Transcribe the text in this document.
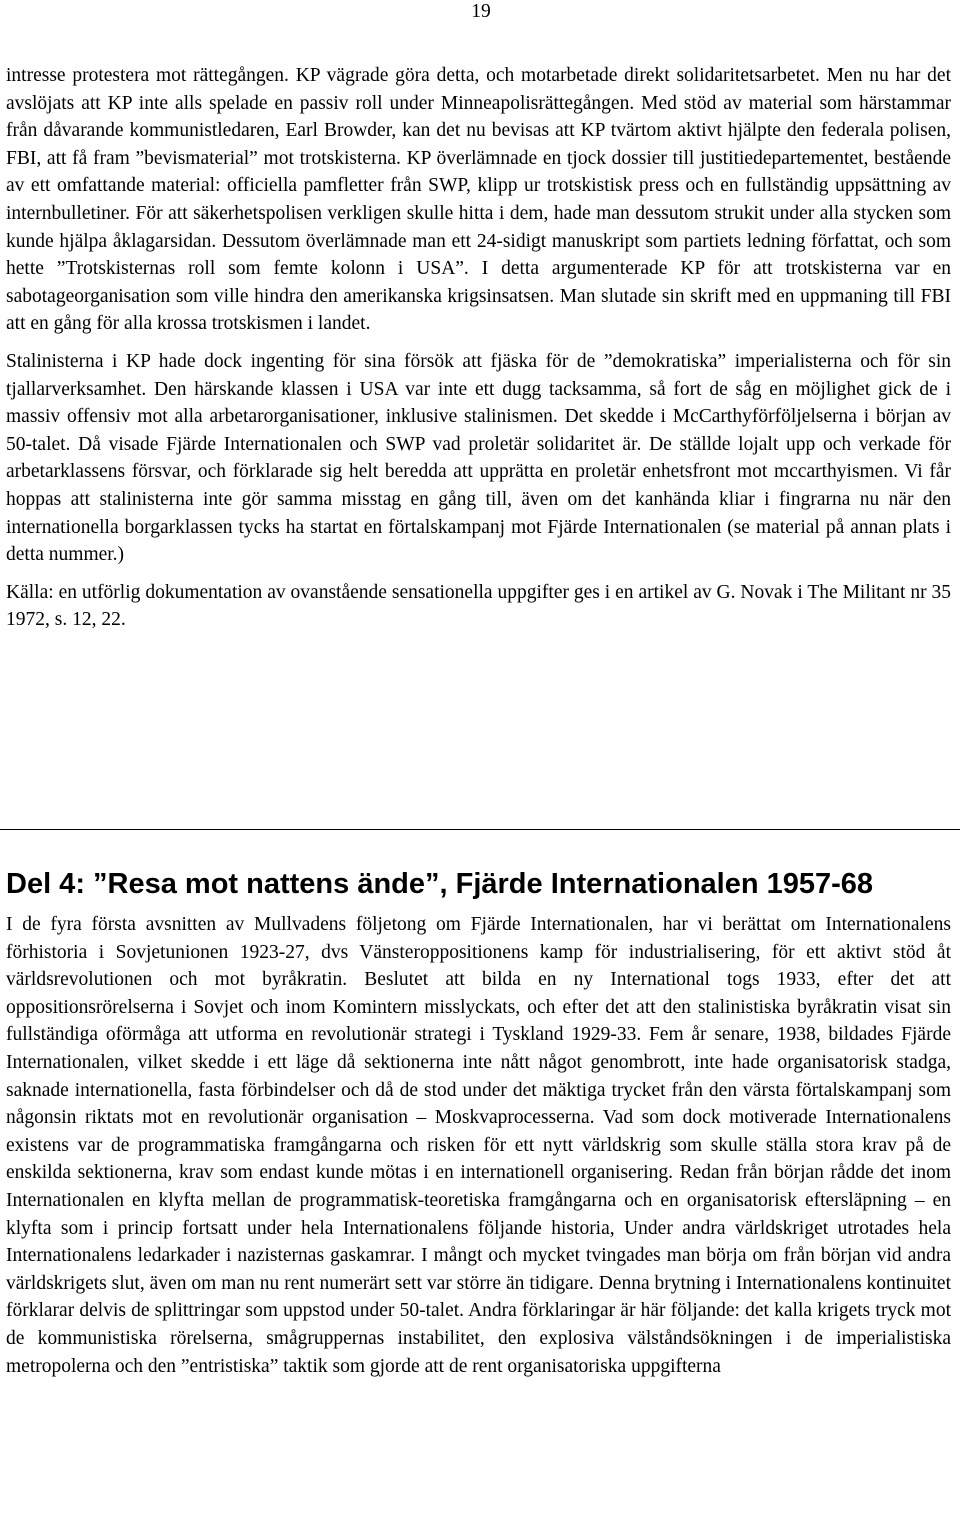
19

intresse protestera mot rättegången. KP vägrade göra detta, och motarbetade direkt solidaritetsarbetet. Men nu har det avslöjats att KP inte alls spelade en passiv roll under Minneapolisrättegången. Med stöd av material som härstammar från dåvarande kommunistledaren, Earl Browder, kan det nu bevisas att KP tvärtom aktivt hjälpte den federala polisen, FBI, att få fram ”bevismaterial” mot trotskisterna. KP överlämnade en tjock dossier till justitiedepartementet, bestående av ett omfattande material: officiella pamfletter från SWP, klipp ur trotskistisk press och en fullständig uppsättning av internbulletiner. För att säkerhetspolisen verkligen skulle hitta i dem, hade man dessutom strukit under alla stycken som kunde hjälpa åklagarsidan. Dessutom överlämnade man ett 24-sidigt manuskript som partiets ledning författat, och som hette ”Trotskisternas roll som femte kolonn i USA”. I detta argumenterade KP för att trotskisterna var en sabotageorganisation som ville hindra den amerikanska krigsinsatsen. Man slutade sin skrift med en uppmaning till FBI att en gång för alla krossa trotskismen i landet.

Stalinisterna i KP hade dock ingenting för sina försök att fjäska för de ”demokratiska” imperialisterna och för sin tjallarverksamhet. Den härskande klassen i USA var inte ett dugg tacksamma, så fort de såg en möjlighet gick de i massiv offensiv mot alla arbetarorganisationer, inklusive stalinismen. Det skedde i McCarthyförföljelserna i början av 50-talet. Då visade Fjärde Internationalen och SWP vad proletär solidaritet är. De ställde lojalt upp och verkade för arbetarklassens försvar, och förklarade sig helt beredda att upprätta en proletär enhetsfront mot mccarthyismen. Vi får hoppas att stalinisterna inte gör samma misstag en gång till, även om det kanhända kliar i fingrarna nu när den internationella borgarklassen tycks ha startat en förtalskampanj mot Fjärde Internationalen (se material på annan plats i detta nummer.)

Källa: en utförlig dokumentation av ovanstående sensationella uppgifter ges i en artikel av G. Novak i The Militant nr 35 1972, s. 12, 22.

Del 4: ”Resa mot nattens ände”, Fjärde Internationalen 1957-68

I de fyra första avsnitten av Mullvadens följetong om Fjärde Internationalen, har vi berättat om Internationalens förhistoria i Sovjetunionen 1923-27, dvs Vänsteroppositionens kamp för industrialisering, för ett aktivt stöd åt världsrevolutionen och mot byråkratin. Beslutet att bilda en ny International togs 1933, efter det att oppositionsrörelserna i Sovjet och inom Komintern misslyckats, och efter det att den stalinistiska byråkratin visat sin fullständiga oförmåga att utforma en revolutionär strategi i Tyskland 1929-33. Fem år senare, 1938, bildades Fjärde Internationalen, vilket skedde i ett läge då sektionerna inte nått något genombrott, inte hade organisatorisk stadga, saknade internationella, fasta förbindelser och då de stod under det mäktiga trycket från den värsta förtalskampanj som någonsin riktats mot en revolutionär organisation – Moskvaprocesserna. Vad som dock motiverade Internationalens existens var de programmatiska framgångarna och risken för ett nytt världskrig som skulle ställa stora krav på de enskilda sektionerna, krav som endast kunde mötas i en internationell organisering. Redan från början rådde det inom Internationalen en klyfta mellan de programmatisk-teoretiska framgångarna och en organisatorisk eftersläpning – en klyfta som i princip fortsatt under hela Internationalens följande historia, Under andra världskriget utrotades hela Internationalens ledarkader i nazisternas gaskamrar. I mångt och mycket tvingades man börja om från början vid andra världskrigets slut, även om man nu rent numerärt sett var större än tidigare. Denna brytning i Internationalens kontinuitet förklarar delvis de splittringar som uppstod under 50-talet. Andra förklaringar är här följande: det kalla krigets tryck mot de kommunistiska rörelserna, smågruppernas instabilitet, den explosiva välståndsökningen i de imperialistiska metropolerna och den ”entristiska” taktik som gjorde att de rent organisatoriska uppgifterna
